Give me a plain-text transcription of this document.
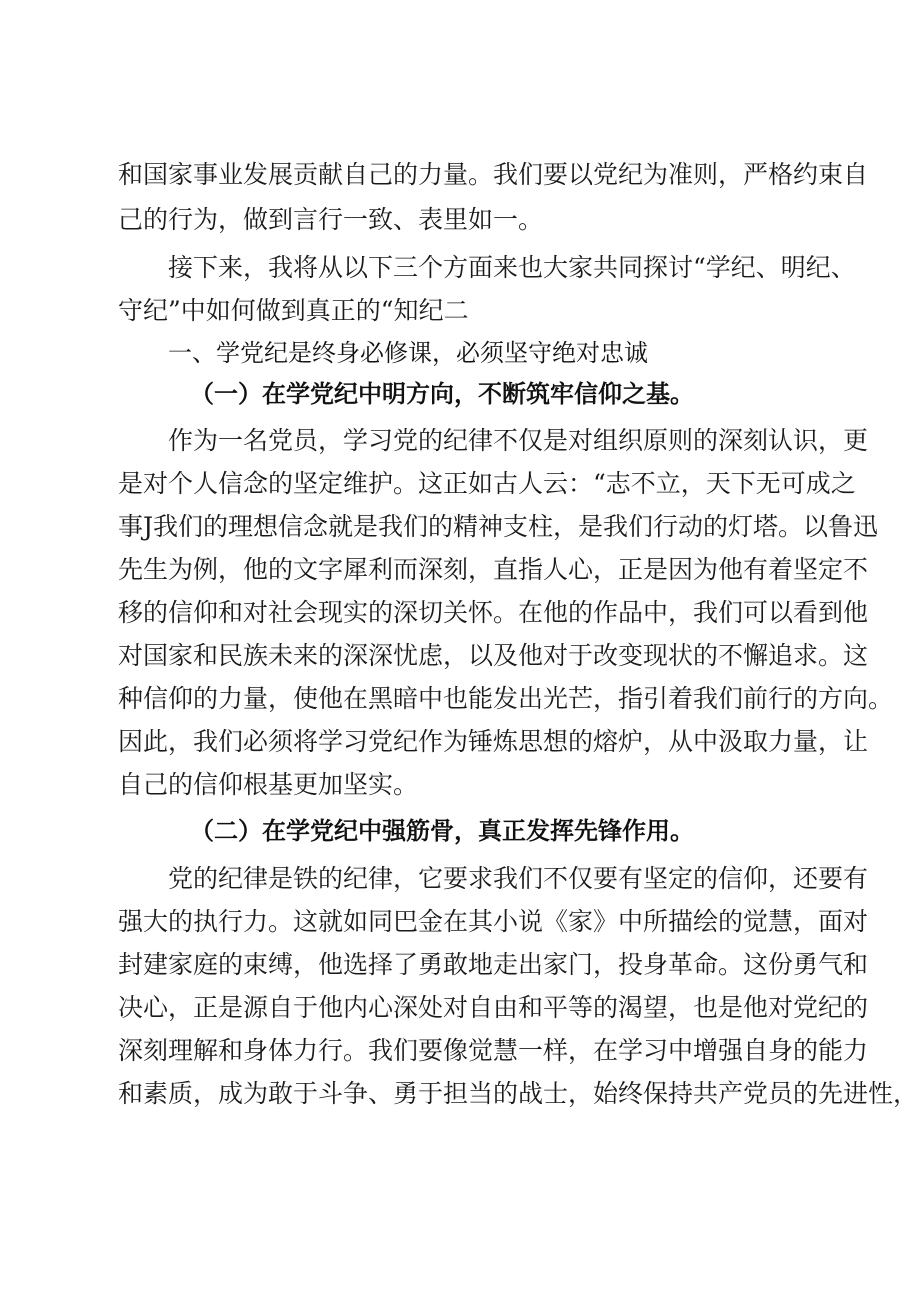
和国家事业发展贡献自己的力量。我们要以党纪为准则，严格约束自
己的行为，做到言行一致、表里如一。
接下来，我将从以下三个方面来也大家共同探讨“学纪、明纪、
守纪”中如何做到真正的“知纪二
一、学党纪是终身必修课，必须坚守绝对忠诚
（一）在学党纪中明方向，不断筑牢信仰之基。
作为一名党员，学习党的纪律不仅是对组织原则的深刻认识，更
是对个人信念的坚定维护。这正如古人云：“志不立，天下无可成之
事J我们的理想信念就是我们的精神支柱，是我们行动的灯塔。以鲁迅
先生为例，他的文字犀利而深刻，直指人心，正是因为他有着坚定不
移的信仰和对社会现实的深切关怀。在他的作品中，我们可以看到他
对国家和民族未来的深深忧虑，以及他对于改变现状的不懈追求。这
种信仰的力量，使他在黑暗中也能发出光芒，指引着我们前行的方向。
因此，我们必须将学习党纪作为锤炼思想的熔炉，从中汲取力量，让
自己的信仰根基更加坚实。
（二）在学党纪中强筋骨，真正发挥先锋作用。
党的纪律是铁的纪律，它要求我们不仅要有坚定的信仰，还要有
强大的执行力。这就如同巴金在其小说《家》中所描绘的觉慧，面对
封建家庭的束缚，他选择了勇敢地走出家门，投身革命。这份勇气和
决心，正是源自于他内心深处对自由和平等的渴望，也是他对党纪的
深刻理解和身体力行。我们要像觉慧一样，在学习中增强自身的能力
和素质，成为敢于斗争、勇于担当的战士，始终保持共产党员的先进性，
